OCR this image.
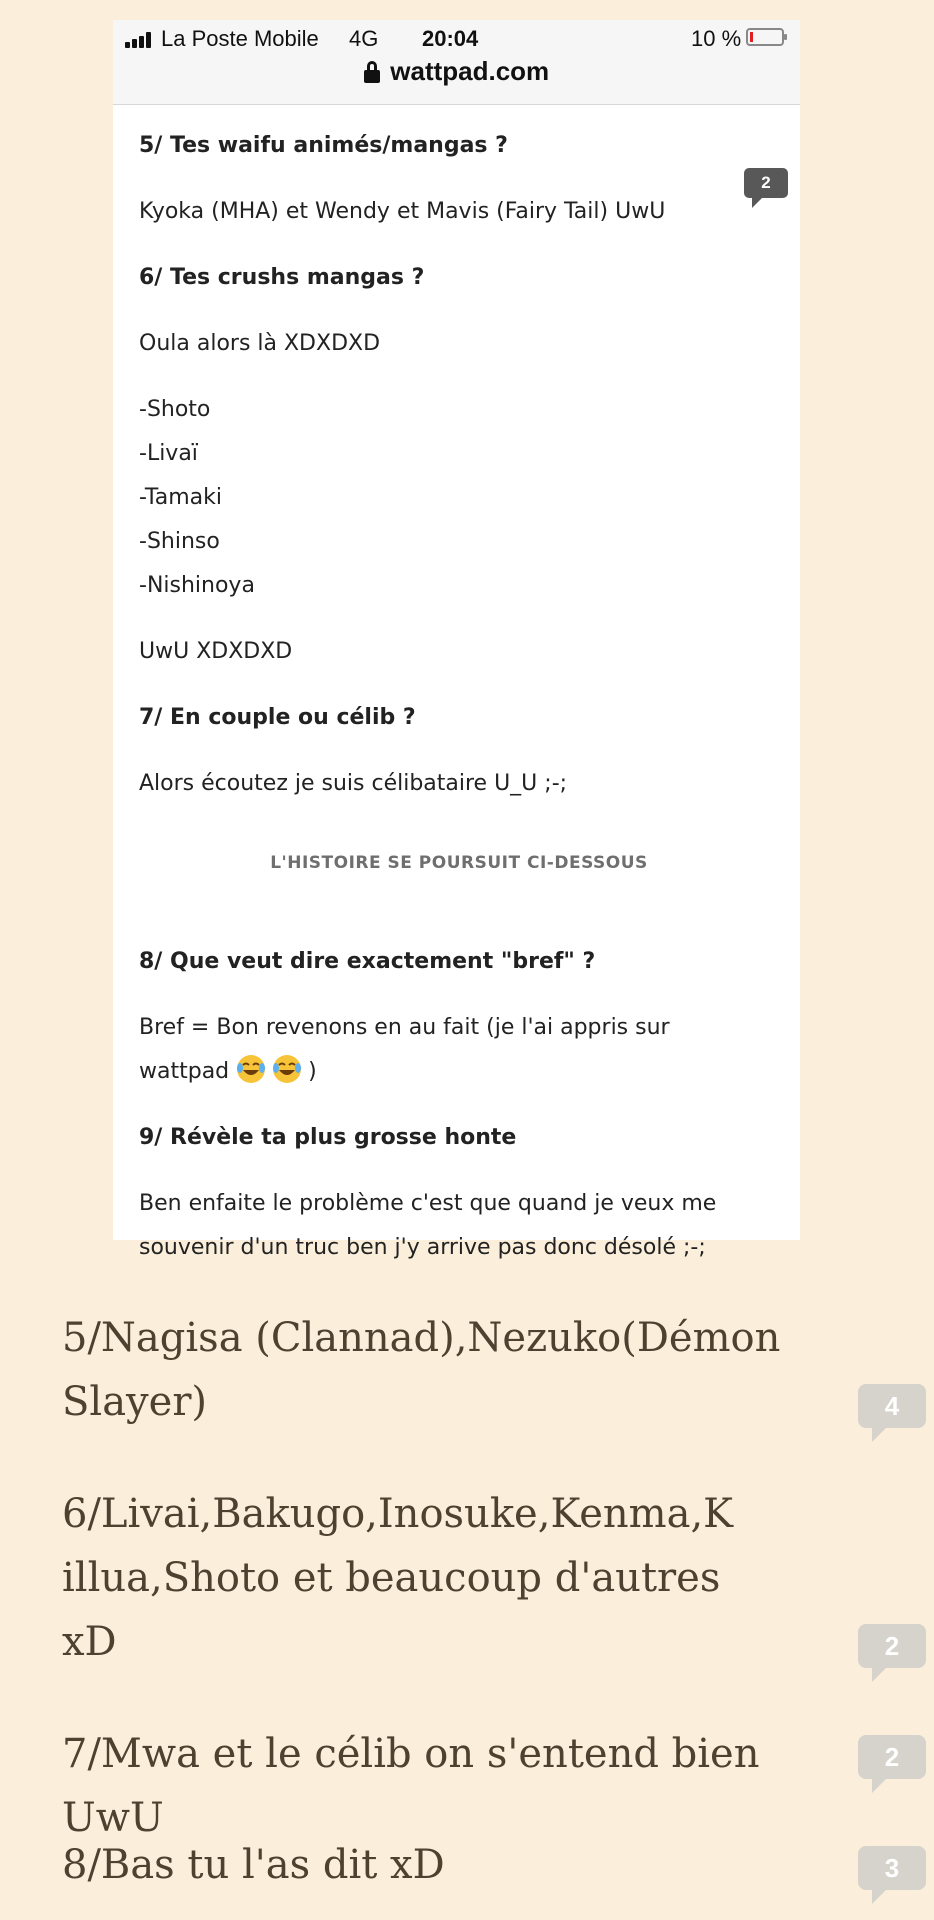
La Poste Mobile 4G 20:04	10 %
wattpad.com

5/ Tes waifu animés/mangas ?

Kyoka (MHA) et Wendy et Mavis (Fairy Tail) UwU

6/ Tes crushs mangas ?

Oula alors là XDXDXD

-Shoto

-Livaï

-Tamaki

-Shinso

-Nishinoya

UwU XDXDXD

7/ En couple ou célib ?

Alors écoutez je suis célibataire U_U ;-;

L'HISTOIRE SE POURSUIT CI-DESSOUS

8/ Que veut dire exactement "bref" ?

Bref = Bon revenons en au fait (je l'ai appris sur

wattpad	)

9/ Révèle ta plus grosse honte

Ben enfaite le problème c'est que quand je veux me

souvenir d'un truc ben j'y arrive pas donc désolé ;-;

2

5/Nagisa (Clannad),Nezuko(Démon
Slayer)	4

6/Livai,Bakugo,Inosuke,Kenma,K
illua,Shoto et beaucoup d'autres
xD	2

7/Mwa et le célib on s'entend bien UwU

2

8/Bas tu l'as dit xD	3
